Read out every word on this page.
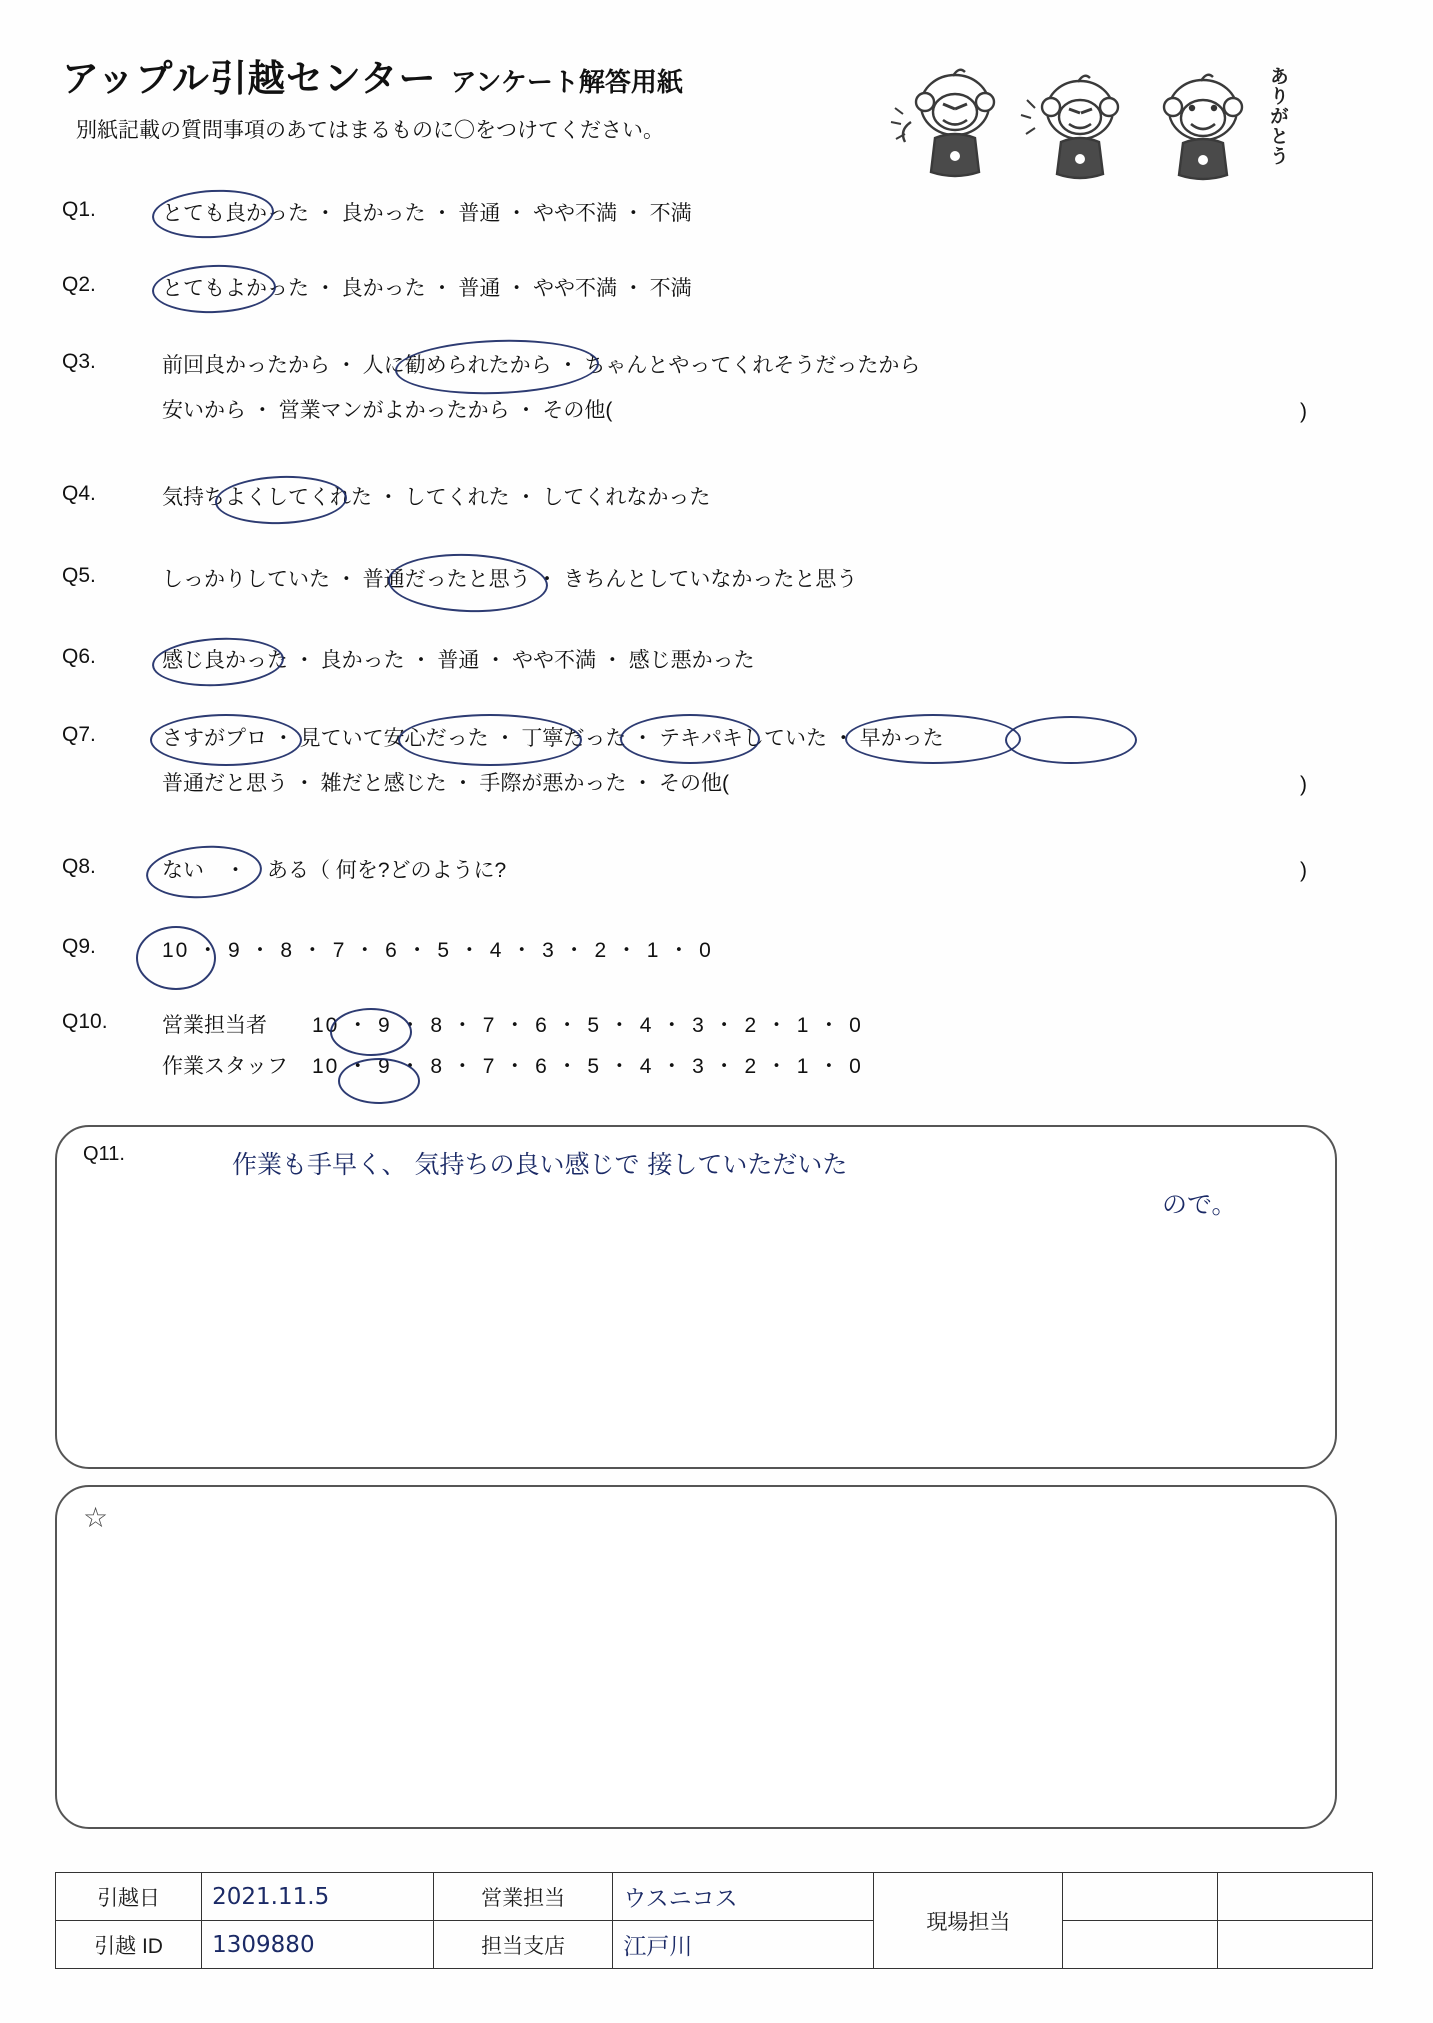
アップル引越センター アンケート解答用紙
別紙記載の質問事項のあてはまるものに〇をつけてください。	ありがとう
Q1.	とても良かった ・ 良かった ・ 普通 ・ やや不満 ・ 不満
Q2.	とてもよかった ・ 良かった ・ 普通 ・ やや不満 ・ 不満
Q3.	前回良かったから ・ 人に勧められたから ・ ちゃんとやってくれそうだったから
安いから ・ 営業マンがよかったから ・ その他(	)
Q4.	気持ちよくしてくれた ・ してくれた ・ してくれなかった
Q5.	しっかりしていた ・ 普通だったと思う ・ きちんとしていなかったと思う
Q6.	感じ良かった ・ 良かった ・ 普通 ・ やや不満 ・ 感じ悪かった
Q7.	さすがプロ ・ 見ていて安心だった ・ 丁寧だった ・ テキパキしていた ・ 早かった
普通だと思う ・ 雑だと感じた ・ 手際が悪かった ・ その他(	)
Q8.	ない　・　ある（ 何を?どのように?	)
Q9.	10 ・ 9 ・ 8 ・ 7 ・ 6 ・ 5 ・ 4 ・ 3 ・ 2 ・ 1 ・ 0
Q10.	営業担当者	10 ・ 9 ・ 8 ・ 7 ・ 6 ・ 5 ・ 4 ・ 3 ・ 2 ・ 1 ・ 0
作業スタッフ	10 ・ 9 ・ 8 ・ 7 ・ 6 ・ 5 ・ 4 ・ 3 ・ 2 ・ 1 ・ 0
Q11.	作業も手早く、 気持ちの良い感じで 接していただいた
ので。
☆
引越日	2021.11.5	営業担当	ウスニコス	現場担当		
引越 ID	1309880	担当支店	江戸川			
